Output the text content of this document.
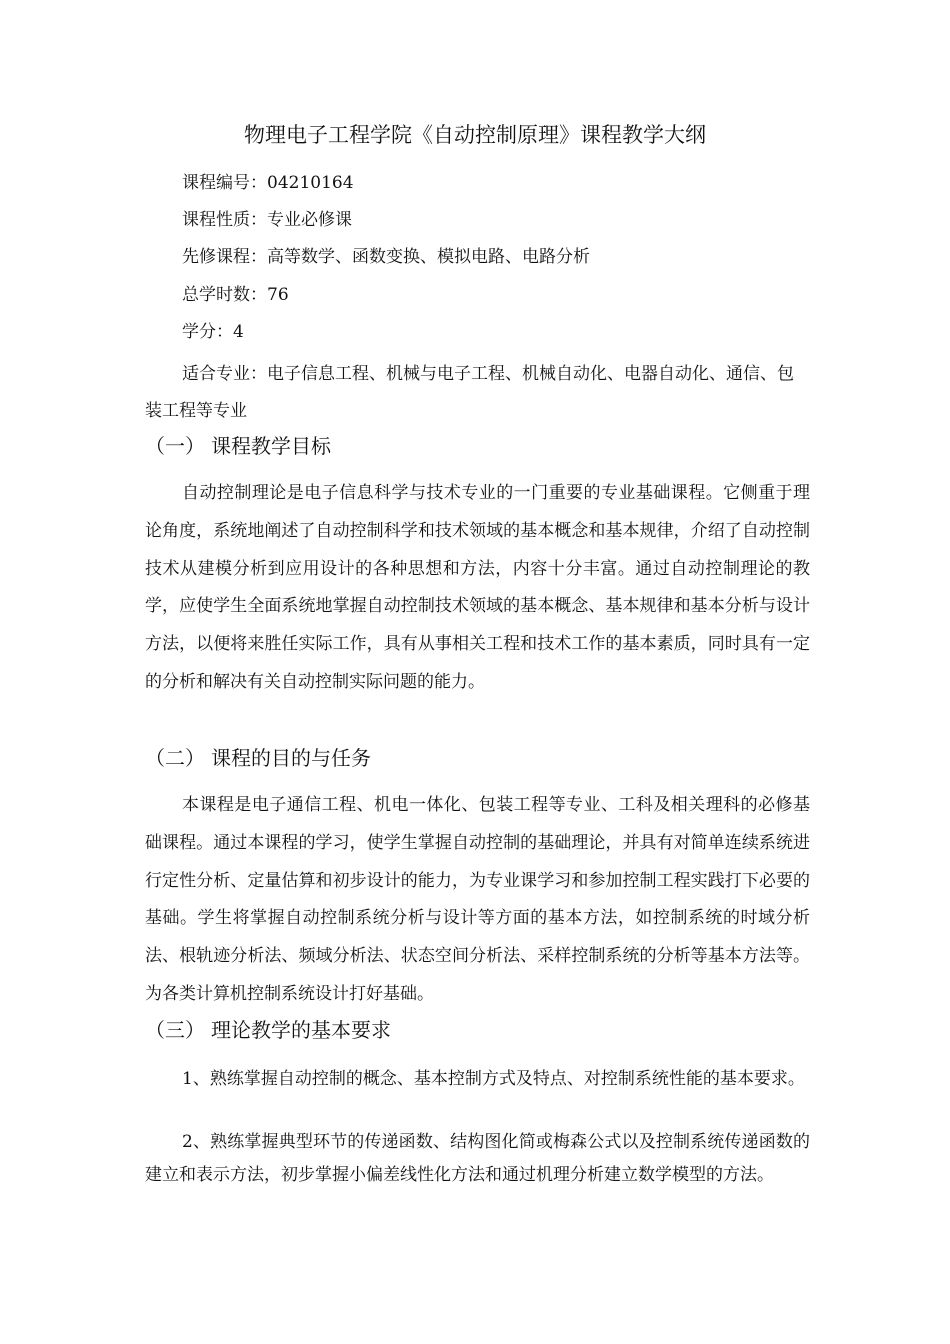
物理电子工程学院《自动控制原理》课程教学大纲
课程编号：04210164
课程性质：专业必修课
先修课程：高等数学、函数变换、模拟电路、电路分析
总学时数：76
学分：4
适合专业：电子信息工程、机械与电子工程、机械自动化、电器自动化、通信、包装工程等专业
（一） 课程教学目标
自动控制理论是电子信息科学与技术专业的一门重要的专业基础课程。它侧重于理论角度，系统地阐述了自动控制科学和技术领域的基本概念和基本规律，介绍了自动控制技术从建模分析到应用设计的各种思想和方法，内容十分丰富。通过自动控制理论的教学，应使学生全面系统地掌握自动控制技术领域的基本概念、基本规律和基本分析与设计方法，以便将来胜任实际工作，具有从事相关工程和技术工作的基本素质，同时具有一定的分析和解决有关自动控制实际问题的能力。
（二） 课程的目的与任务
本课程是电子通信工程、机电一体化、包装工程等专业、工科及相关理科的必修基础课程。通过本课程的学习，使学生掌握自动控制的基础理论，并具有对简单连续系统进行定性分析、定量估算和初步设计的能力，为专业课学习和参加控制工程实践打下必要的基础。学生将掌握自动控制系统分析与设计等方面的基本方法，如控制系统的时域分析法、根轨迹分析法、频域分析法、状态空间分析法、采样控制系统的分析等基本方法等。为各类计算机控制系统设计打好基础。
（三） 理论教学的基本要求
1、熟练掌握自动控制的概念、基本控制方式及特点、对控制系统性能的基本要求。
2、熟练掌握典型环节的传递函数、结构图化简或梅森公式以及控制系统传递函数的建立和表示方法，初步掌握小偏差线性化方法和通过机理分析建立数学模型的方法。
